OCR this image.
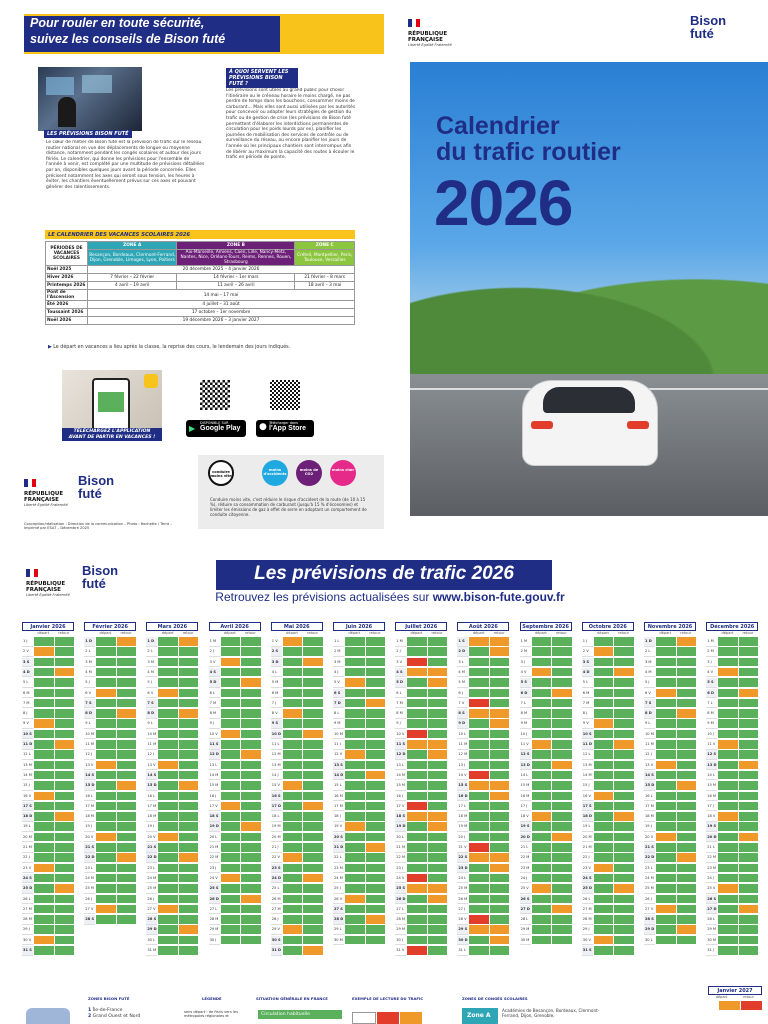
Pour rouler en toute sécurité,
suivez les conseils de Bison futé
LES PRÉVISIONS BISON FUTÉ
Le cœur de métier de Bison futé est la prévision de trafic sur le réseau routier national en vue des déplacements de longue ou moyenne distance, notamment pendant les congés scolaires et autour des jours fériés. Le calendrier, qui donne les prévisions pour l'ensemble de l'année à venir, est complété par une multitude de prévisions détaillées par an, disponibles quelques jours avant la période concernée. Elles précisent notamment les axes qui seront sous tension, les heures à éviter, les chantiers éventuellement prévus sur ces axes et pouvant générer des ralentissements.
À QUOI SERVENT LES PRÉVISIONS BISON FUTÉ ?
Les prévisions sont utiles au grand public pour choisir l'itinéraire ou le créneau horaire le moins chargé, ne pas perdre de temps dans les bouchons, consommer moins de carburant… Mais elles sont aussi utilisées par les autorités pour concevoir ou adapter leurs stratégies de gestion du trafic ou de gestion de crise (les prévisions de Bison futé permettent d'élaborer les interdictions permanentes de circulation pour les poids lourds par ex), planifier les journées de mobilisation des services de contrôle ou de surveillance du réseau, ou encore planifier les jours de l'année où les principaux chantiers sont interrompus afin de libérer au maximum la capacité des routes à écouler le trafic en période de pointe.
LE CALENDRIER DES VACANCES SCOLAIRES 2026
PÉRIODES DE VACANCES SCOLAIRES	ZONE A	ZONE B	ZONE C
	Besançon, Bordeaux, Clermont-Ferrand, Dijon, Grenoble, Limoges, Lyon, Poitiers	Aix-Marseille, Amiens, Caen, Lille, Nancy-Metz, Nantes, Nice, Orléans-Tours, Reims, Rennes, Rouen, Strasbourg	Créteil, Montpellier, Paris, Toulouse, Versailles
Noël 2025	20 décembre 2025 – 4 janvier 2026		
Hiver 2026	7 février – 22 février	14 février – 1er mars	21 février – 8 mars
Printemps 2026	4 avril – 19 avril	11 avril – 26 avril	18 avril – 3 mai
Pont de l'Ascension	14 mai – 17 mai		
Été 2026	4 juillet – 31 août		
Toussaint 2026	17 octobre – 1er novembre		
Noël 2026	19 décembre 2026 – 3 janvier 2027		
▶ Le départ en vacances a lieu après la classe, la reprise des cours, le lendemain des jours indiqués.
TÉLÉCHARGEZ L'APPLICATION AVANT DE PARTIR EN VACANCES !
▶
DISPONIBLE SUR
Google Play	● Télécharger dans
l'App Store
RÉPUBLIQUE
FRANÇAISE
Liberté Égalité Fraternité
Bison
futé
Conception/réalisation : Direction de la communication – Photo : Rochette / Terra – Imprimé par ESAT – Décembre 2025
conduire moins vite
moins d'accidents
moins de CO2
moins cher
Conduire moins vite, c'est réduire le risque d'accident de la route (de 10 à 15 %), réduire sa consommation de carburant (jusqu'à 15 % d'économies) et limiter les émissions de gaz à effet de serre en adoptant un comportement de conduite citoyenne.
RÉPUBLIQUE
FRANÇAISE
Liberté Égalité Fraternité
Bison
futé
Calendrier
du trafic routier
2026
RÉPUBLIQUE
FRANÇAISE
Liberté Égalité Fraternité
Bison
futé	Les prévisions de trafic 2026
Retrouvez les prévisions actualisées sur www.bison-fute.gouv.fr
Janvier 2026
départ	retour
1 J
2 V
3 S
4 D
5 L
6 M
7 M
8 J
9 V
10 S
11 D
12 L
13 M
14 M
15 J
16 V
17 S
18 D
19 L
20 M
21 M
22 J
23 V
24 S
25 D
26 L
27 M
28 M
29 J
30 V
31 S
Février 2026
départ	retour
1 D
2 L
3 M
4 M
5 J
6 V
7 S
8 D
9 L
10 M
11 M
12 J
13 V
14 S
15 D
16 L
17 M
18 M
19 J
20 V
21 S
22 D
23 L
24 M
25 M
26 J
27 V
28 S
Mars 2026
départ	retour
1 D
2 L
3 M
4 M
5 J
6 V
7 S
8 D
9 L
10 M
11 M
12 J
13 V
14 S
15 D
16 L
17 M
18 M
19 J
20 V
21 S
22 D
23 L
24 M
25 M
26 J
27 V
28 S
29 D
30 L
31 M
Avril 2026
départ	retour
1 M
2 J
3 V
4 S
5 D
6 L
7 M
8 M
9 J
10 V
11 S
12 D
13 L
14 M
15 M
16 J
17 V
18 S
19 D
20 L
21 M
22 M
23 J
24 V
25 S
26 D
27 L
28 M
29 M
30 J
Mai 2026
départ	retour
1 V
2 S
3 D
4 L
5 M
6 M
7 J
8 V
9 S
10 D
11 L
12 M
13 M
14 J
15 V
16 S
17 D
18 L
19 M
20 M
21 J
22 V
23 S
24 D
25 L
26 M
27 M
28 J
29 V
30 S
31 D
Juin 2026
départ	retour
1 L
2 M
3 M
4 J
5 V
6 S
7 D
8 L
9 M
10 M
11 J
12 V
13 S
14 D
15 L
16 M
17 M
18 J
19 V
20 S
21 D
22 L
23 M
24 M
25 J
26 V
27 S
28 D
29 L
30 M
Juillet 2026
départ	retour
1 M
2 J
3 V
4 S
5 D
6 L
7 M
8 M
9 J
10 V
11 S
12 D
13 L
14 M
15 M
16 J
17 V
18 S
19 D
20 L
21 M
22 M
23 J
24 V
25 S
26 D
27 L
28 M
29 M
30 J
31 V
Août 2026
départ	retour
1 S
2 D
3 L
4 M
5 M
6 J
7 V
8 S
9 D
10 L
11 M
12 M
13 J
14 V
15 S
16 D
17 L
18 M
19 M
20 J
21 V
22 S
23 D
24 L
25 M
26 M
27 J
28 V
29 S
30 D
31 L
Septembre 2026
départ	retour
1 M
2 M
3 J
4 V
5 S
6 D
7 L
8 M
9 M
10 J
11 V
12 S
13 D
14 L
15 M
16 M
17 J
18 V
19 S
20 D
21 L
22 M
23 M
24 J
25 V
26 S
27 D
28 L
29 M
30 M
Octobre 2026
départ	retour
1 J
2 V
3 S
4 D
5 L
6 M
7 M
8 J
9 V
10 S
11 D
12 L
13 M
14 M
15 J
16 V
17 S
18 D
19 L
20 M
21 M
22 J
23 V
24 S
25 D
26 L
27 M
28 M
29 J
30 V
31 S
Novembre 2026
départ	retour
1 D
2 L
3 M
4 M
5 J
6 V
7 S
8 D
9 L
10 M
11 M
12 J
13 V
14 S
15 D
16 L
17 M
18 M
19 J
20 V
21 S
22 D
23 L
24 M
25 M
26 J
27 V
28 S
29 D
30 L
Décembre 2026
départ	retour
1 M
2 M
3 J
4 V
5 S
6 D
7 L
8 M
9 M
10 J
11 V
12 S
13 D
14 L
15 M
16 M
17 J
18 V
19 S
20 D
21 L
22 M
23 M
24 J
25 V
26 S
27 D
28 L
29 M
30 M
31 J
Janvier 2027
départ	retour
ZONES BISON FUTÉ	LÉGENDE	SITUATION GÉNÉRALE EN FRANCE	EXEMPLE DE LECTURE DU TRAFIC	ZONES DE CONGÉS SCOLAIRES
1 Île-de-France
2 Grand Ouest et Nord
sens départ : de Paris vers les métropoles régionales et	Circulation habituelle	Zone A
Académies de Besançon, Bordeaux, Clermont-Ferrand, Dijon, Grenoble,
